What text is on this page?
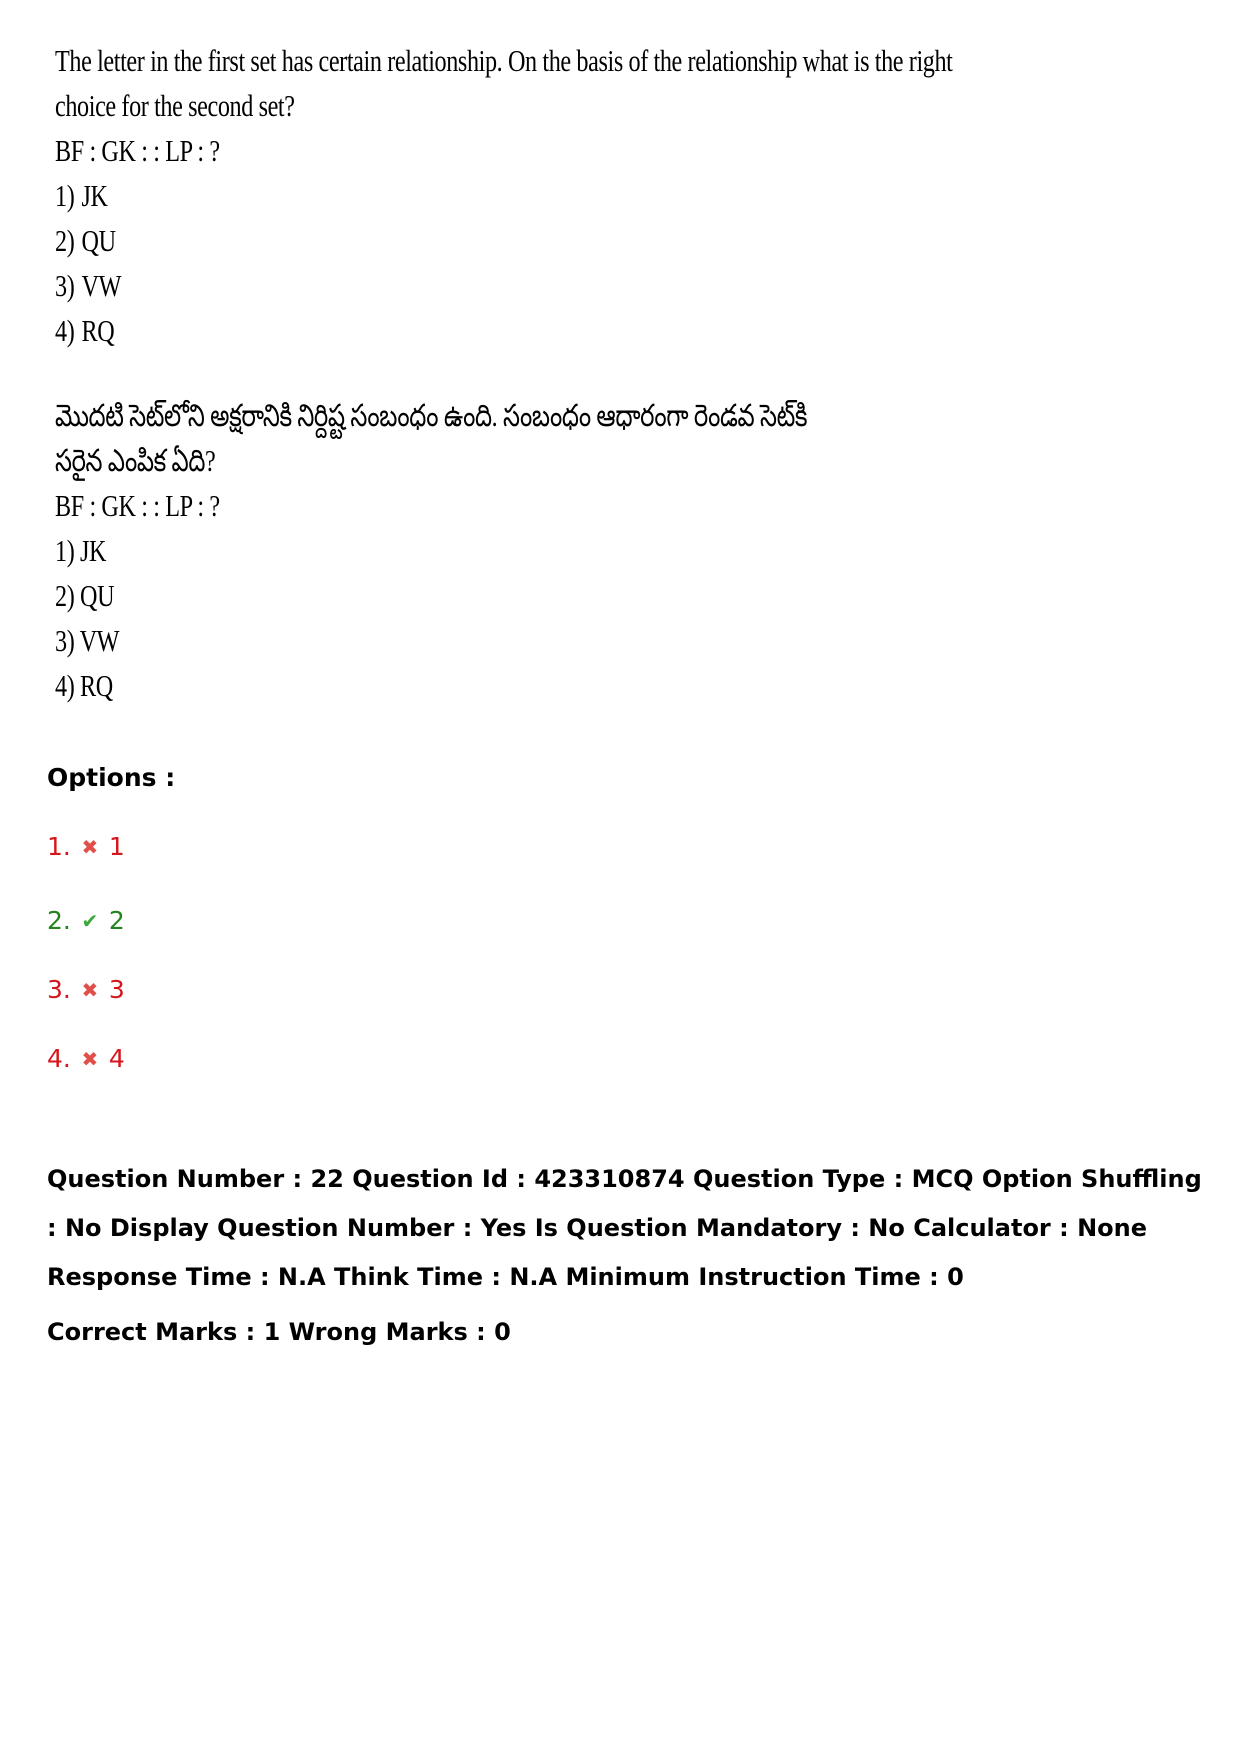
The letter in the first set has certain relationship. On the basis of the relationship what is the right
choice for the second set?
BF : GK : : LP : ?
1) JK
2) QU
3) VW
4) RQ
మొదటి సెట్‌లోని అక్షరానికి నిర్దిష్ట సంబంధం ఉంది. సంబంధం ఆధారంగా రెండవ సెట్‌కి
సరైన ఎంపిక ఏది?
BF : GK : : LP : ?
1) JK
2) QU
3) VW
4) RQ
Options :
1. ✖ 1
2. ✔ 2
3. ✖ 3
4. ✖ 4
Question Number : 22 Question Id : 423310874 Question Type : MCQ Option Shuffling : No Display Question Number : Yes Is Question Mandatory : No Calculator : None Response Time : N.A Think Time : N.A Minimum Instruction Time : 0
Correct Marks : 1 Wrong Marks : 0
